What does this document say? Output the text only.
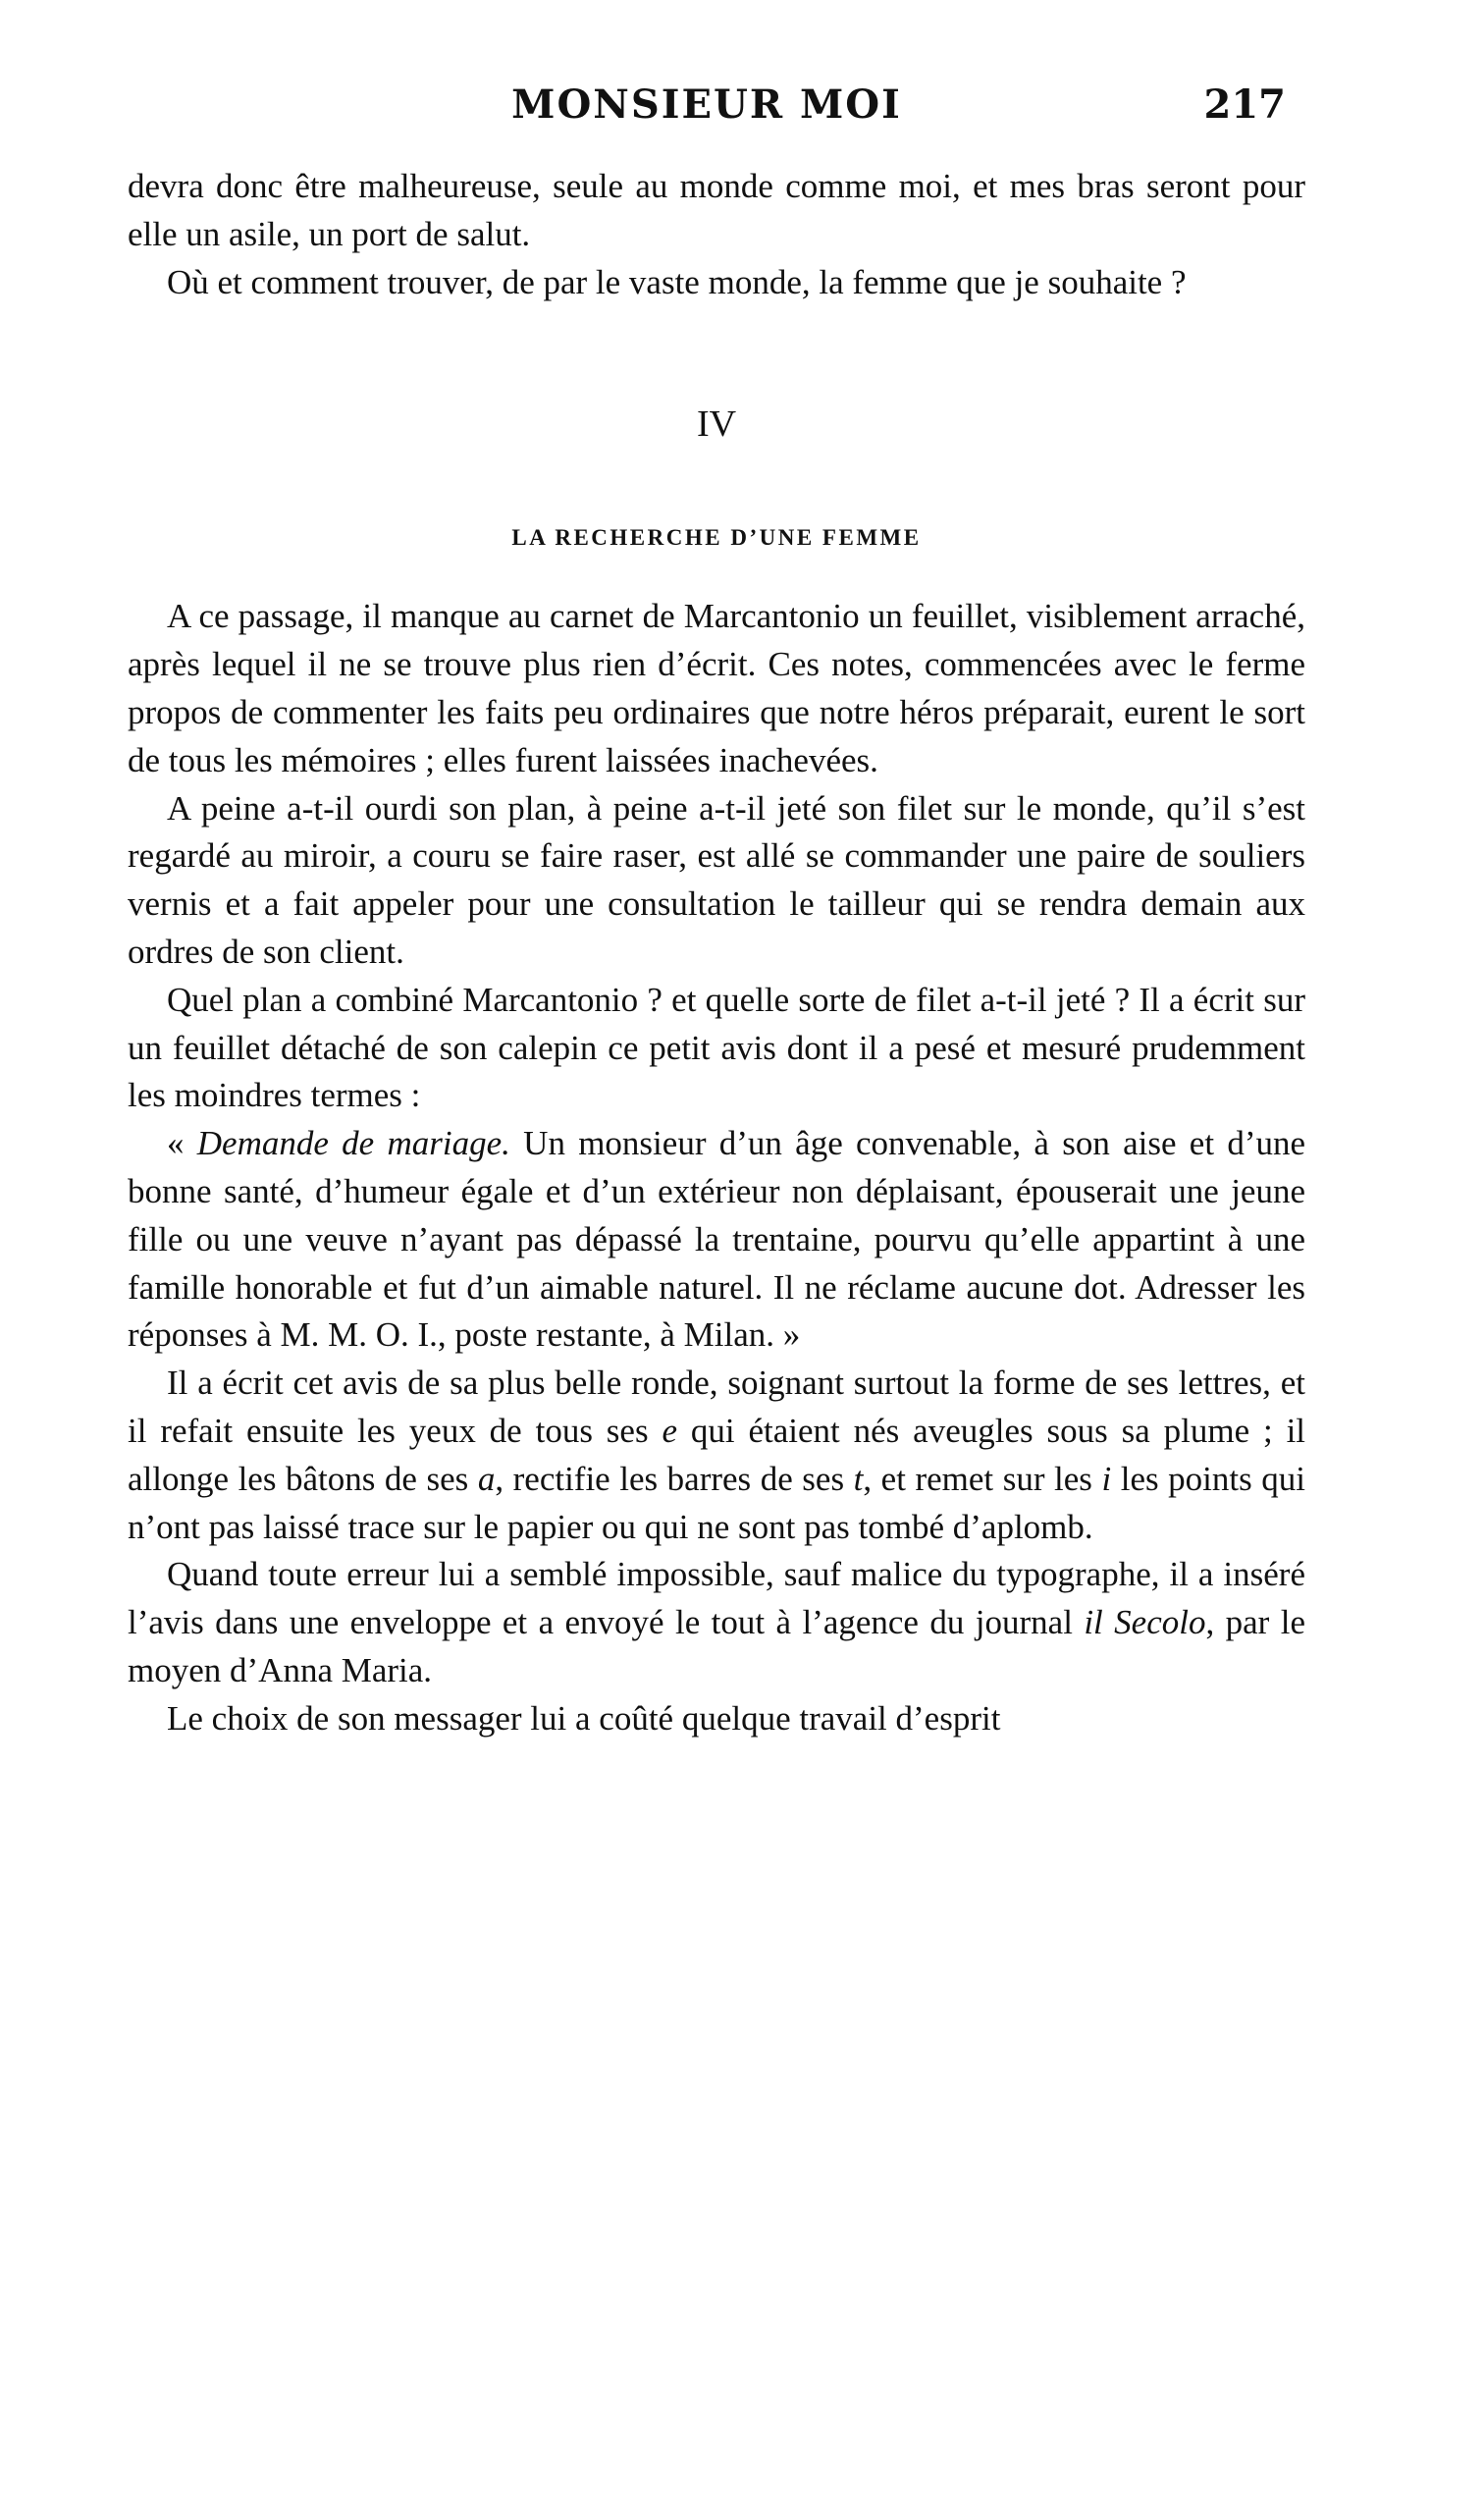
MONSIEUR MOI	217

devra donc être malheureuse, seule au monde comme moi, et mes bras seront pour elle un asile, un port de salut.

Où et comment trouver, de par le vaste monde, la femme que je souhaite ?

IV

LA RECHERCHE D’UNE FEMME

A ce passage, il manque au carnet de Marcantonio un feuillet, visiblement arraché, après lequel il ne se trouve plus rien d’écrit. Ces notes, commencées avec le ferme propos de commenter les faits peu ordinaires que notre héros préparait, eurent le sort de tous les mémoires ; elles furent laissées inachevées.

A peine a-t-il ourdi son plan, à peine a-t-il jeté son filet sur le monde, qu’il s’est regardé au miroir, a couru se faire raser, est allé se commander une paire de souliers vernis et a fait appeler pour une consultation le tailleur qui se rendra demain aux ordres de son client.

Quel plan a combiné Marcantonio ? et quelle sorte de filet a-t-il jeté ? Il a écrit sur un feuillet détaché de son calepin ce petit avis dont il a pesé et mesuré prudemment les moindres termes :

« Demande de mariage. Un monsieur d’un âge convenable, à son aise et d’une bonne santé, d’humeur égale et d’un extérieur non déplaisant, épouserait une jeune fille ou une veuve n’ayant pas dépassé la trentaine, pourvu qu’elle appartint à une famille honorable et fut d’un aimable naturel. Il ne réclame aucune dot. Adresser les réponses à M. M. O. I., poste restante, à Milan. »

Il a écrit cet avis de sa plus belle ronde, soignant surtout la forme de ses lettres, et il refait ensuite les yeux de tous ses e qui étaient nés aveugles sous sa plume ; il allonge les bâtons de ses a, rectifie les barres de ses t, et remet sur les i les points qui n’ont pas laissé trace sur le papier ou qui ne sont pas tombé d’aplomb.

Quand toute erreur lui a semblé impossible, sauf malice du typographe, il a inséré l’avis dans une enveloppe et a envoyé le tout à l’agence du journal il Secolo, par le moyen d’Anna Maria.

Le choix de son messager lui a coûté quelque travail d’esprit
